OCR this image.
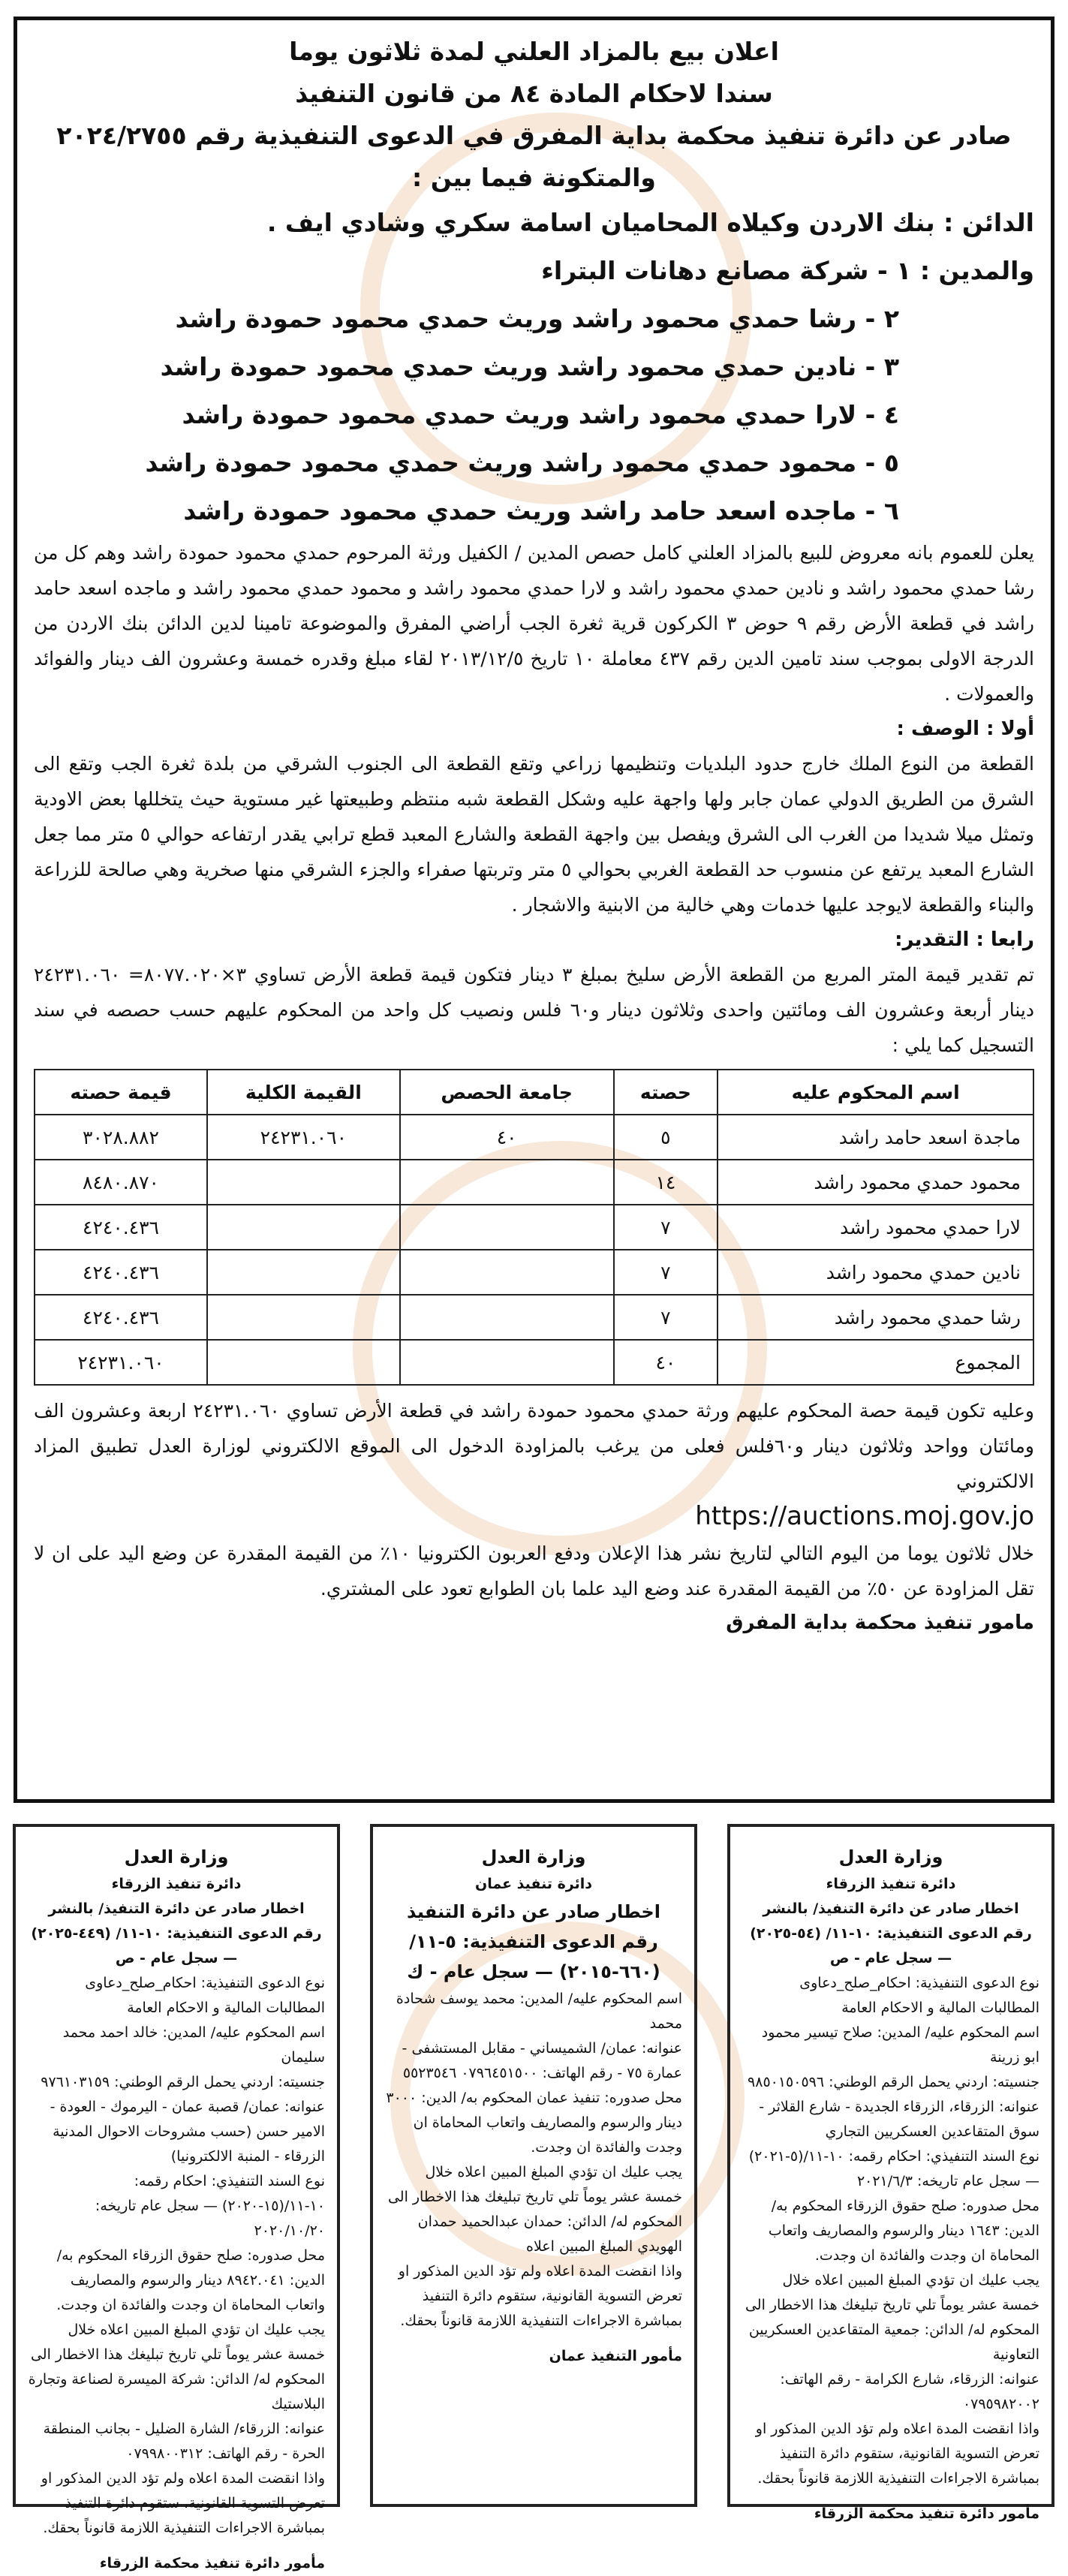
اعلان بيع بالمزاد العلني لمدة ثلاثون يوما
سندا لاحكام المادة ٨٤ من قانون التنفيذ
صادر عن دائرة تنفيذ محكمة بداية المفرق في الدعوى التنفيذية رقم ٢٠٢٤/٢٧٥٥
والمتكونة فيما بين :
الدائن : بنك الاردن وكيلاه المحاميان اسامة سكري وشادي ايف .
والمدين : ١ - شركة مصانع دهانات البتراء
٢ - رشا حمدي محمود راشد وريث حمدي محمود حمودة راشد
٣ - نادين حمدي محمود راشد وريث حمدي محمود حمودة راشد
٤ - لارا حمدي محمود راشد وريث حمدي محمود حمودة راشد
٥ - محمود حمدي محمود راشد وريث حمدي محمود حمودة راشد
٦ - ماجده اسعد حامد راشد وريث حمدي محمود حمودة راشد

يعلن للعموم بانه معروض للبيع بالمزاد العلني كامل حصص المدين / الكفيل ورثة المرحوم حمدي محمود حمودة راشد وهم كل من رشا حمدي محمود راشد و نادين حمدي محمود راشد و لارا حمدي محمود راشد و محمود حمدي محمود راشد و ماجده اسعد حامد راشد في قطعة الأرض رقم ٩ حوض ٣ الكركون قرية ثغرة الجب أراضي المفرق والموضوعة تامينا لدين الدائن بنك الاردن من الدرجة الاولى بموجب سند تامين الدين رقم ٤٣٧ معاملة ١٠ تاريخ ٢٠١٣/١٢/٥ لقاء مبلغ وقدره خمسة وعشرون الف دينار والفوائد والعمولات .

أولا : الوصف :

القطعة من النوع الملك خارج حدود البلديات وتنظيمها زراعي وتقع القطعة الى الجنوب الشرقي من بلدة ثغرة الجب وتقع الى الشرق من الطريق الدولي عمان جابر ولها واجهة عليه وشكل القطعة شبه منتظم وطبيعتها غير مستوية حيث يتخللها بعض الاودية وتمثل ميلا شديدا من الغرب الى الشرق ويفصل بين واجهة القطعة والشارع المعبد قطع ترابي يقدر ارتفاعه حوالي ٥ متر مما جعل الشارع المعبد يرتفع عن منسوب حد القطعة الغربي بحوالي ٥ متر وتربتها صفراء والجزء الشرقي منها صخرية وهي صالحة للزراعة والبناء والقطعة لايوجد عليها خدمات وهي خالية من الابنية والاشجار .

رابعا : التقدير:

تم تقدير قيمة المتر المربع من القطعة الأرض سليخ بمبلغ ٣ دينار فتكون قيمة قطعة الأرض تساوي ٣×٨٠٧٧.٠٢٠= ٢٤٢٣١.٠٦٠ دينار أربعة وعشرون الف ومائتين واحدى وثلاثون دينار و٦٠ فلس ونصيب كل واحد من المحكوم عليهم حسب حصصه في سند التسجيل كما يلي :

اسم المحكوم عليه	حصته	جامعة الحصص	القيمة الكلية	قيمة حصته
ماجدة اسعد حامد راشد	٥	٤٠	٢٤٢٣١.٠٦٠	٣٠٢٨.٨٨٢
محمود حمدي محمود راشد	١٤			٨٤٨٠.٨٧٠
لارا حمدي محمود راشد	٧			٤٢٤٠.٤٣٦
نادين حمدي محمود راشد	٧			٤٢٤٠.٤٣٦
رشا حمدي محمود راشد	٧			٤٢٤٠.٤٣٦
المجموع	٤٠			٢٤٢٣١.٠٦٠

وعليه تكون قيمة حصة المحكوم عليهم ورثة حمدي محمود حمودة راشد في قطعة الأرض تساوي ٢٤٢٣١.٠٦٠ اربعة وعشرون الف ومائتان وواحد وثلاثون دينار و٦٠فلس فعلى من يرغب بالمزاودة الدخول الى الموقع الالكتروني لوزارة العدل تطبيق المزاد الالكتروني

https://auctions.moj.gov.jo

خلال ثلاثون يوما من اليوم التالي لتاريخ نشر هذا الإعلان ودفع العربون الكترونيا ١٠٪ من القيمة المقدرة عن وضع اليد على ان لا تقل المزاودة عن ٥٠٪ من القيمة المقدرة عند وضع اليد علما بان الطوابع تعود على المشتري.

مامور تنفيذ محكمة بداية المفرق

وزارة العدل

دائرة تنفيذ الزرقاء

اخطار صادر عن دائرة التنفيذ/ بالنشر

رقم الدعوى التنفيذية: ١٠-١١/ (٥٤-٢٠٢٥) — سجل عام - ص

نوع الدعوى التنفيذية: احكام_صلح_دعاوى المطالبات المالية و الاحكام العامة

اسم المحكوم عليه/ المدين: صلاح تيسير محمود ابو زرينة

جنسيته: اردني يحمل الرقم الوطني: ٩٨٥٠١٥٠٥٩٦

عنوانه: الزرقاء، الزرقاء الجديدة - شارع القلاثر - سوق المتقاعدين العسكريين التجاري

نوع السند التنفيذي: احكام رقمه: ١٠-١١/(٥-٢٠٢١) — سجل عام تاريخه: ٢٠٢١/٦/٣

محل صدوره: صلح حقوق الزرقاء المحكوم به/ الدين: ١٦٤٣ دينار والرسوم والمصاريف واتعاب المحاماة ان وجدت والفائدة ان وجدت.

يجب عليك ان تؤدي المبلغ المبين اعلاه خلال خمسة عشر يوماً تلي تاريخ تبليغك هذا الاخطار الى المحكوم له/ الدائن: جمعية المتقاعدين العسكريين التعاونية

عنوانه: الزرقاء، شارع الكرامة - رقم الهاتف: ٠٧٩٥٩٨٢٠٠٢

واذا انقضت المدة اعلاه ولم تؤد الدين المذكور او تعرض التسوية القانونية، ستقوم دائرة التنفيذ بمباشرة الاجراءات التنفيذية اللازمة قانوناً بحقك.

مأمور دائرة تنفيذ محكمة الزرقاء

وزارة العدل

دائرة تنفيذ عمان

اخطار صادر عن دائرة التنفيذ

رقم الدعوى التنفيذية: ٥-١١/ (٦٦٠-٢٠١٥) — سجل عام - ك

اسم المحكوم عليه/ المدين: محمد يوسف شحادة محمد

عنوانه: عمان/ الشميساني - مقابل المستشفى - عمارة ٧٥ - رقم الهاتف: ٠٧٩٦٤٥١٥٠٠ ٥٥٢٣٥٤٦

محل صدوره: تنفيذ عمان المحكوم به/ الدين: ٣٠٠٠ دينار والرسوم والمصاريف واتعاب المحاماة ان وجدت والفائدة ان وجدت.

يجب عليك ان تؤدي المبلغ المبين اعلاه خلال خمسة عشر يوماً تلي تاريخ تبليغك هذا الاخطار الى المحكوم له/ الدائن: حمدان عبدالحميد حمدان الهويدي المبلغ المبين اعلاه

واذا انقضت المدة اعلاه ولم تؤد الدين المذكور او تعرض التسوية القانونية، ستقوم دائرة التنفيذ بمباشرة الاجراءات التنفيذية اللازمة قانوناً بحقك.

مأمور التنفيذ عمان

وزارة العدل

دائرة تنفيذ الزرقاء

اخطار صادر عن دائرة التنفيذ/ بالنشر

رقم الدعوى التنفيذية: ١٠-١١/ (٤٤٩-٢٠٢٥) — سجل عام - ص

نوع الدعوى التنفيذية: احكام_صلح_دعاوى المطالبات المالية و الاحكام العامة

اسم المحكوم عليه/ المدين: خالد احمد محمد سليمان

جنسيته: اردني يحمل الرقم الوطني: ٩٧٦١٠٣١٥٩

عنوانه: عمان/ قصبة عمان - اليرموك - العودة - الامير حسن (حسب مشروحات الاحوال المدنية الزرقاء - المنبة الالكترونيا)

نوع السند التنفيذي: احكام رقمه: ١٠-١١/(١٥-٢٠٢٠) — سجل عام تاريخه: ٢٠٢٠/١٠/٢٠

محل صدوره: صلح حقوق الزرقاء المحكوم به/ الدين: ٨٩٤٢.٠٤١ دينار والرسوم والمصاريف واتعاب المحاماة ان وجدت والفائدة ان وجدت.

يجب عليك ان تؤدي المبلغ المبين اعلاه خلال خمسة عشر يوماً تلي تاريخ تبليغك هذا الاخطار الى المحكوم له/ الدائن: شركة الميسرة لصناعة وتجارة البلاستيك

عنوانه: الزرقاء/ الشارة الضليل - بجانب المنطقة الحرة - رقم الهاتف: ٠٧٩٩٨٠٠٣١٢

واذا انقضت المدة اعلاه ولم تؤد الدين المذكور او تعرض التسوية القانونية، ستقوم دائرة التنفيذ بمباشرة الاجراءات التنفيذية اللازمة قانوناً بحقك.

مأمور دائرة تنفيذ محكمة الزرقاء
